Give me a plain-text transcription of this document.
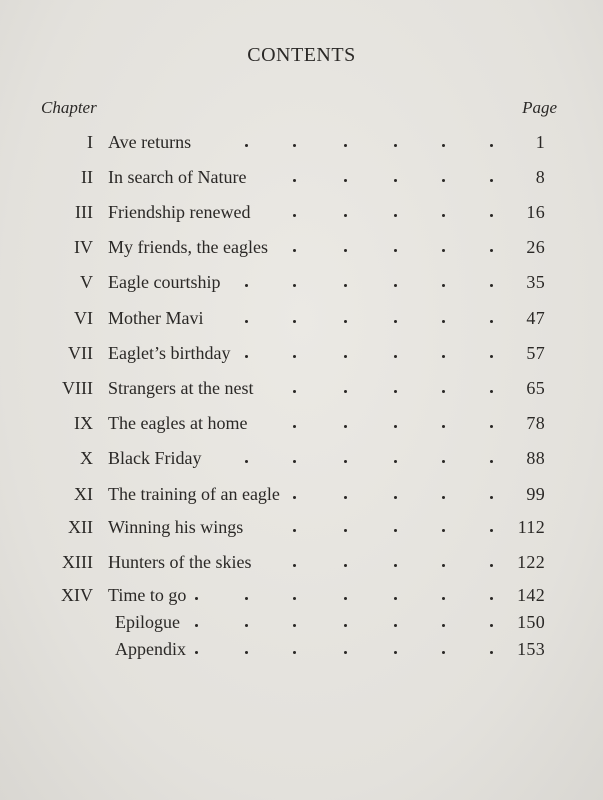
CONTENTS
Chapter	Page
I Ave returns	1
II In search of Nature	8
III Friendship renewed	16
IV My friends, the eagles	26
V Eagle courtship	35
VI Mother Mavi	47
VII Eaglet’s birthday	57
VIII Strangers at the nest	65
IX The eagles at home	78
X Black Friday	88
XI The training of an eagle	99
XII Winning his wings	112
XIII Hunters of the skies	122
XIV Time to go	142
Epilogue	150
Appendix	153
